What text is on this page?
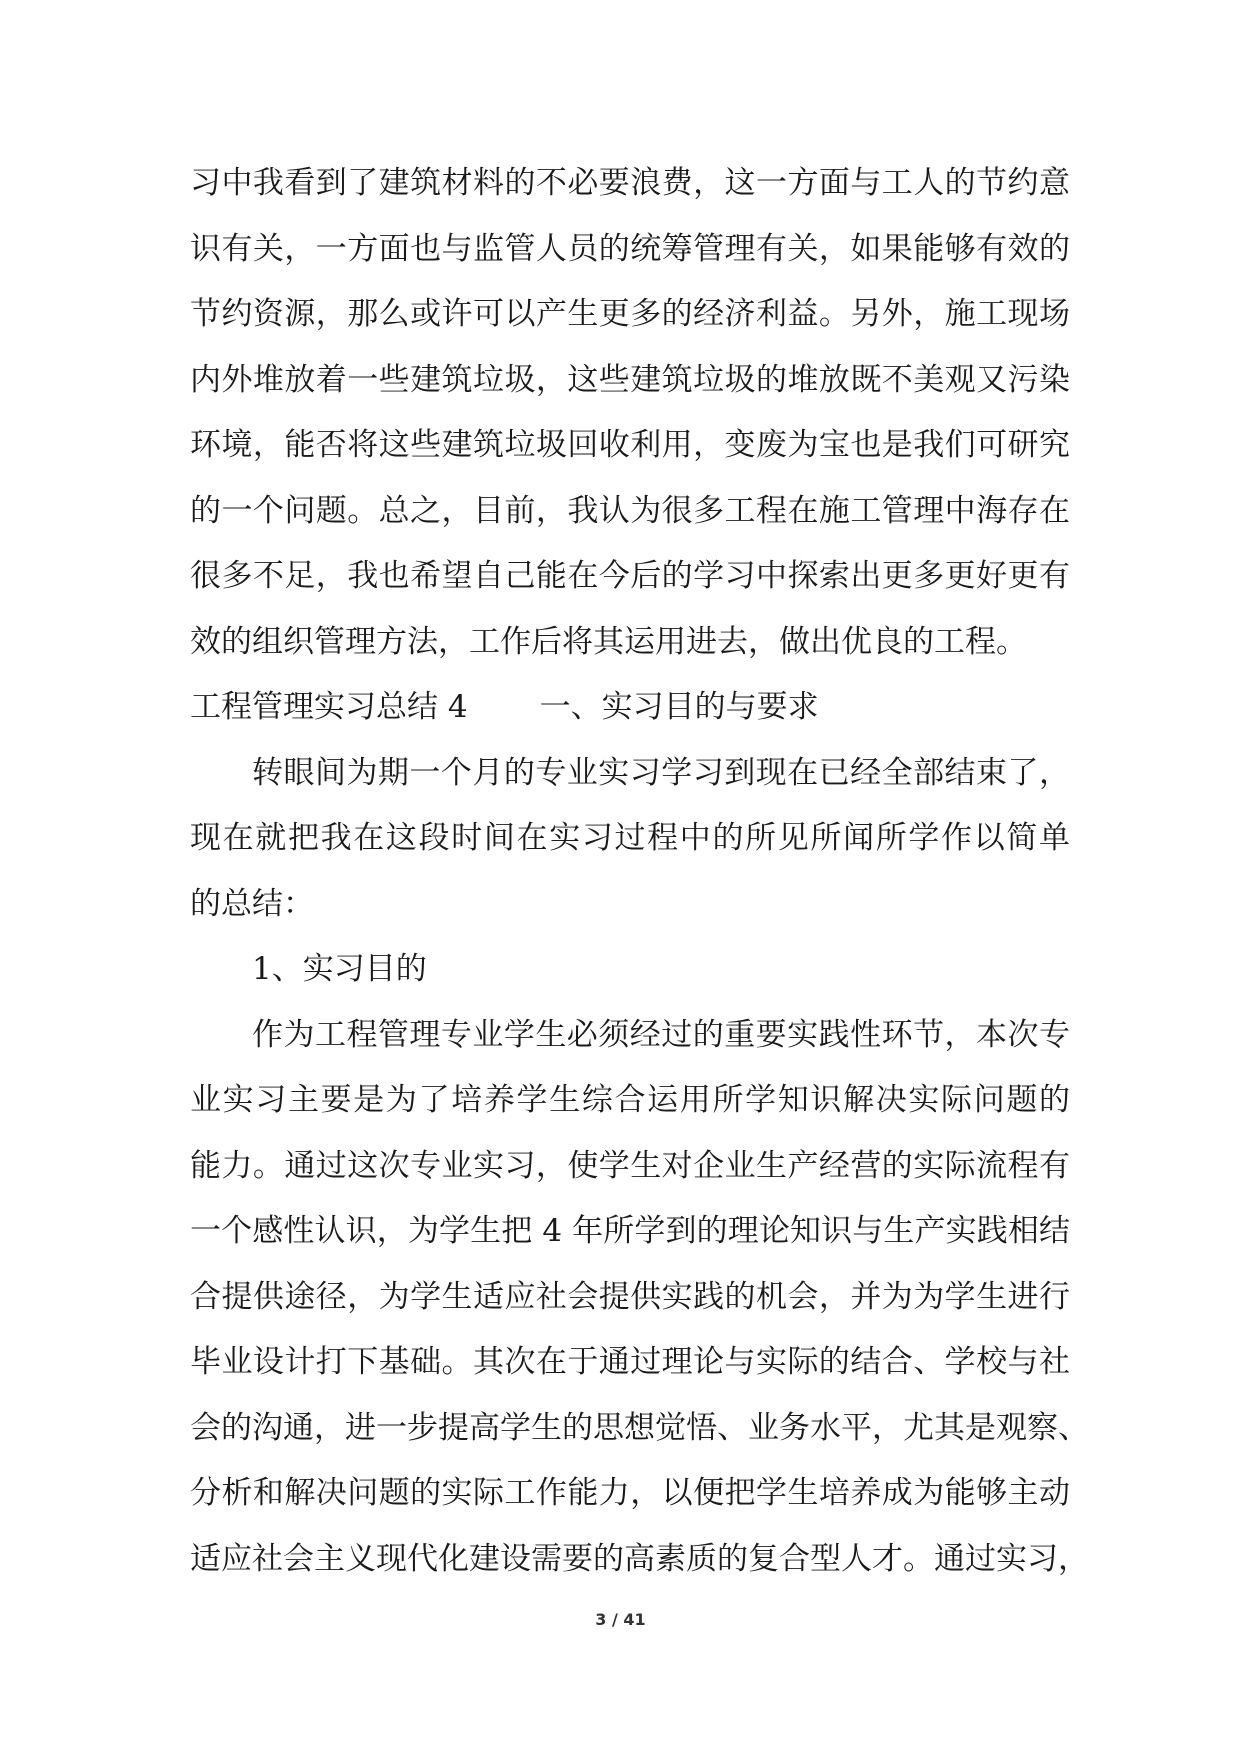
习中我看到了建筑材料的不必要浪费，这一方面与工人的节约意
识有关，一方面也与监管人员的统筹管理有关，如果能够有效的
节约资源，那么或许可以产生更多的经济利益。另外，施工现场
内外堆放着一些建筑垃圾，这些建筑垃圾的堆放既不美观又污染
环境，能否将这些建筑垃圾回收利用，变废为宝也是我们可研究
的一个问题。总之，目前，我认为很多工程在施工管理中海存在
很多不足，我也希望自己能在今后的学习中探索出更多更好更有
效的组织管理方法，工作后将其运用进去，做出优良的工程。
工程管理实习总结 4 一、实习目的与要求
转眼间为期一个月的专业实习学习到现在已经全部结束了，
现在就把我在这段时间在实习过程中的所见所闻所学作以简单
的总结：
1、实习目的
作为工程管理专业学生必须经过的重要实践性环节，本次专
业实习主要是为了培养学生综合运用所学知识解决实际问题的
能力。通过这次专业实习，使学生对企业生产经营的实际流程有
一个感性认识，为学生把 4 年所学到的理论知识与生产实践相结
合提供途径，为学生适应社会提供实践的机会，并为为学生进行
毕业设计打下基础。其次在于通过理论与实际的结合、学校与社
会的沟通，进一步提高学生的思想觉悟、业务水平，尤其是观察、
分析和解决问题的实际工作能力，以便把学生培养成为能够主动
适应社会主义现代化建设需要的高素质的复合型人才。通过实习，
3 / 41
